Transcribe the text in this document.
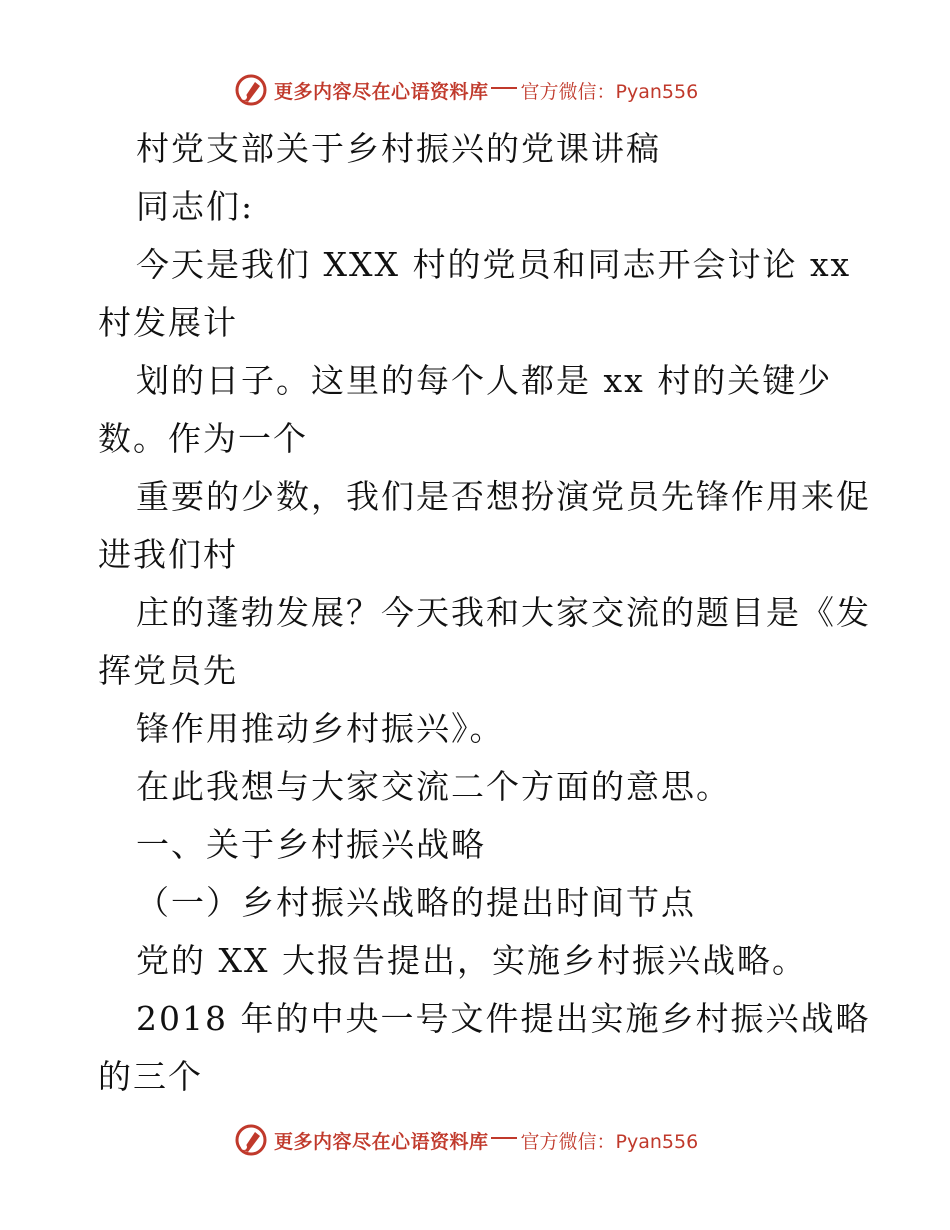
更多内容尽在心语资料库 官方微信：Pyan556
村党支部关于乡村振兴的党课讲稿
同志们:
今天是我们 XXX 村的党员和同志开会讨论 xx
村发展计
划的日子。这里的每个人都是 xx 村的关键少
数。作为一个
重要的少数，我们是否想扮演党员先锋作用来促
进我们村
庄的蓬勃发展？今天我和大家交流的题目是《发
挥党员先
锋作用推动乡村振兴》。
在此我想与大家交流二个方面的意思。
一、关于乡村振兴战略
（一）乡村振兴战略的提出时间节点
党的 XX 大报告提出，实施乡村振兴战略。
2018 年的中央一号文件提出实施乡村振兴战略
的三个
更多内容尽在心语资料库 官方微信：Pyan556
